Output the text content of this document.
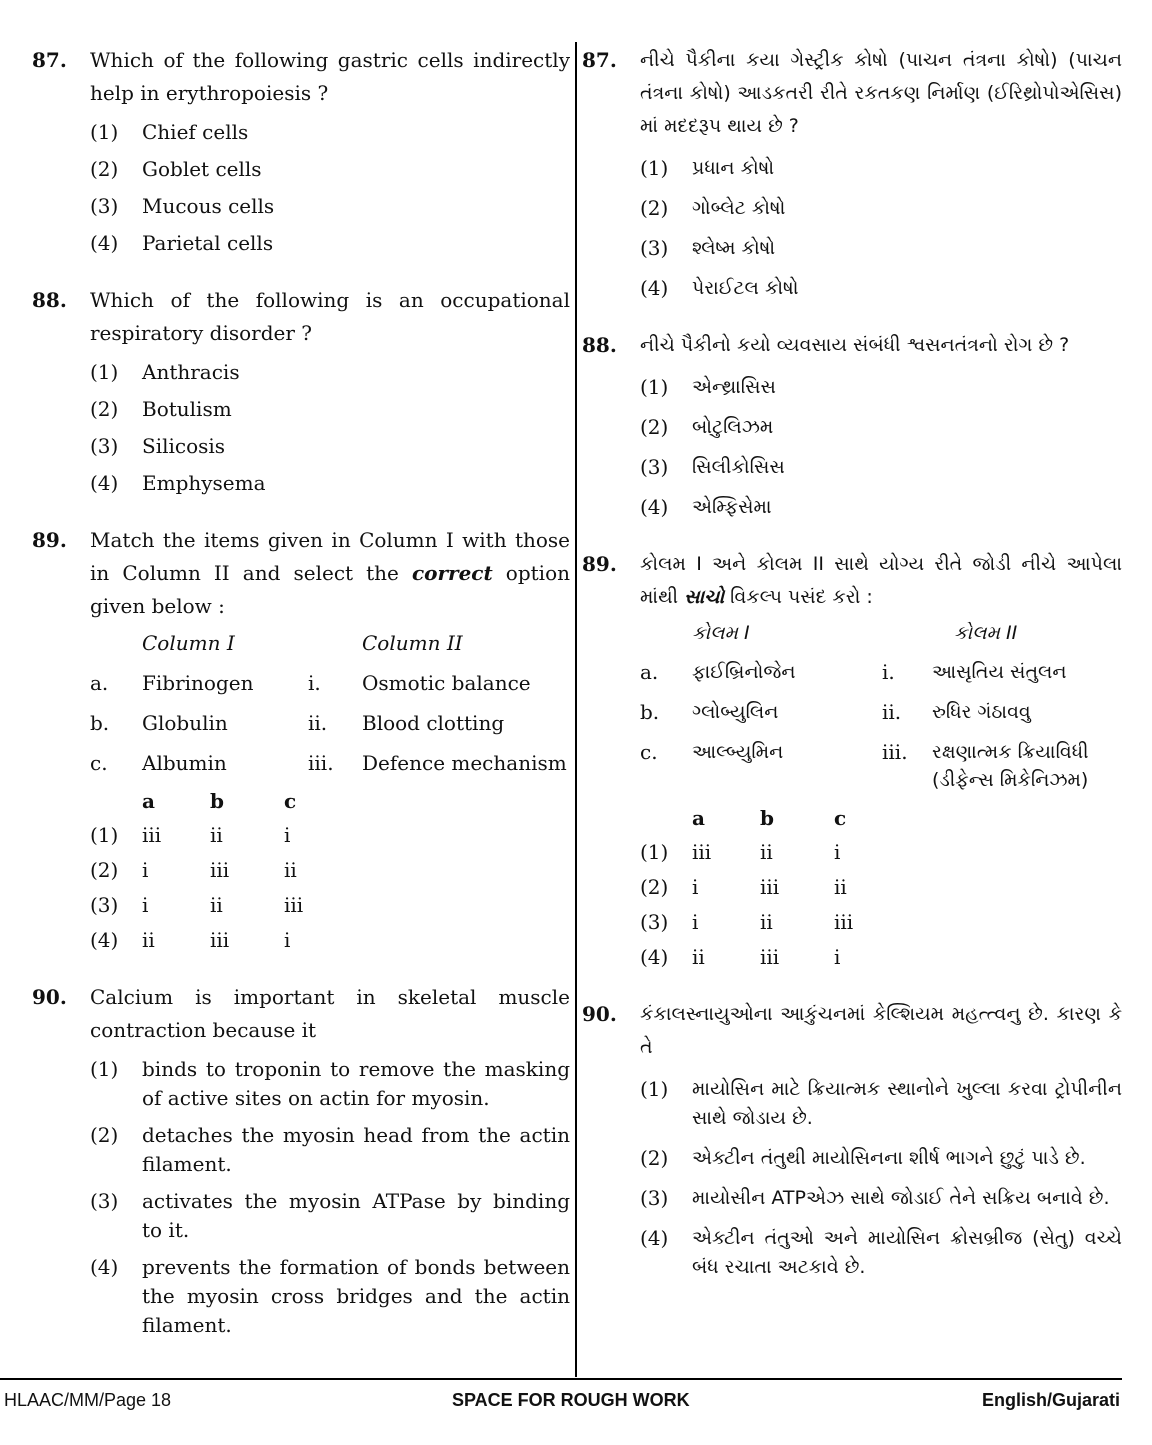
87.	Which of the following gastric cells indirectly help in erythropoiesis ?
(1)	Chief cells
(2)	Goblet cells
(3)	Mucous cells
(4)	Parietal cells
88.	Which of the following is an occupational respiratory disorder ?
(1)	Anthracis
(2)	Botulism
(3)	Silicosis
(4)	Emphysema
89.	Match the items given in Column I with those in Column II and select the correct option given below :
Column I	Column II
a.	Fibrinogen	i.	Osmotic balance
b.	Globulin	ii.	Blood clotting
c.	Albumin	iii.	Defence mechanism
a	b	c
(1)	iii	ii	i
(2)	i	iii	ii
(3)	i	ii	iii
(4)	ii	iii	i
90.	Calcium is important in skeletal muscle contraction because it
(1)	binds to troponin to remove the masking of active sites on actin for myosin.
(2)	detaches the myosin head from the actin filament.
(3)	activates the myosin ATPase by binding to it.
(4)	prevents the formation of bonds between the myosin cross bridges and the actin filament.
87.	નીચે પૈકીના કયા ગેસ્ટ્રીક કોષો (પાચન તંત્રના કોષો) (પાચન તંત્રના કોષો) આડકતરી રીતે રકતકણ નિર્માણ (ઈરિથ્રોપોએસિસ) માં મદદરૂપ થાય છે ?
(1)	પ્રધાન કોષો
(2)	ગોબ્લેટ કોષો
(3)	શ્લેષ્મ કોષો
(4)	પેરાઈટલ કોષો
88.	નીચે પૈકીનો કયો વ્યવસાય સંબંધી શ્વસનતંત્રનો રોગ છે ?
(1)	એન્થ્રાસિસ
(2)	બોટુલિઝમ
(3)	સિલીકોસિસ
(4)	એમ્ફિસેમા
89.	કોલમ I અને કોલમ II સાથે યોગ્ય રીતે જોડી નીચે આપેલા માંથી સાચો વિકલ્પ પસંદ કરો :
કોલમ I	કોલમ II
a.	ફાઈબ્રિનોજેન	i.	આસૃતિય સંતુલન
b.	ગ્લોબ્યુલિન	ii.	રુધિર ગંઠાવવુ
c.	આલ્બ્યુમિન	iii.	રક્ષણાત્મક ક્રિયાવિધી (ડીફેન્સ મિકેનિઝમ)
a	b	c
(1)	iii	ii	i
(2)	i	iii	ii
(3)	i	ii	iii
(4)	ii	iii	i
90.	કંકાલસ્નાયુઓના આકુંચનમાં કેલ્શિયમ મહત્ત્વનુ છે. કારણ કે તે
(1)	માયોસિન માટે ક્રિયાત્મક સ્થાનોને ખુલ્લા કરવા ટ્રોપીનીન સાથે જોડાય છે.
(2)	એક્ટીન તંતુથી માયોસિનના શીર્ષ ભાગને છુટું પાડે છે.
(3)	માયોસીન ATPએઝ સાથે જોડાઈ તેને સક્રિય બનાવે છે.
(4)	એક્ટીન તંતુઓ અને માયોસિન ક્રોસબ્રીજ (સેતુ) વચ્ચે બંધ રચાતા અટકાવે છે.
HLAAC/MM/Page 18	SPACE FOR ROUGH WORK	English/Gujarati
